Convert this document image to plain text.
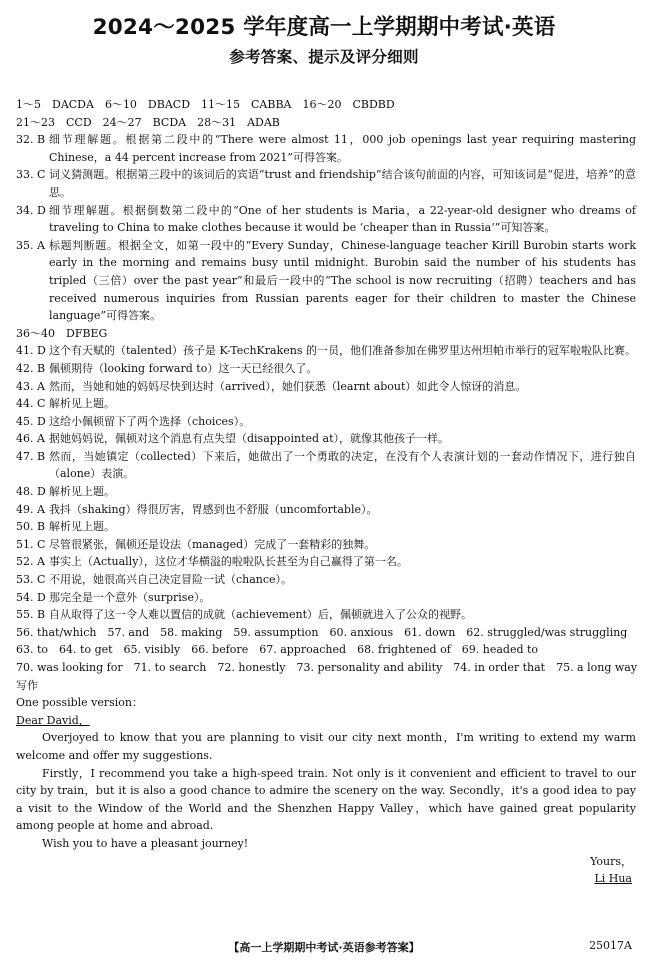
2024～2025 学年度高一上学期期中考试·英语
参考答案、提示及评分细则
1～5　DACDA　6～10　DBACD　11～15　CABBA　16～20　CBDBD
21～23　CCD　24～27　BCDA　28～31　ADAB
32. B 细节理解题。根据第二段中的“There were almost 11，000 job openings last year requiring mastering Chinese，a 44 percent increase from 2021”可得答案。
33. C 词义猜测题。根据第三段中的该词后的宾语“trust and friendship”结合该句前面的内容，可知该词是“促进，培养”的意思。
34. D 细节理解题。根据倒数第二段中的“One of her students is Maria，a 22-year-old designer who dreams of traveling to China to make clothes because it would be ‘cheaper than in Russia’”可知答案。
35. A 标题判断题。根据全文，如第一段中的“Every Sunday，Chinese-language teacher Kirill Burobin starts work early in the morning and remains busy until midnight. Burobin said the number of his students has tripled（三倍）over the past year”和最后一段中的“The school is now recruiting（招聘）teachers and has received numerous inquiries from Russian parents eager for their children to master the Chinese language”可得答案。
36～40　DFBEG
41. D 这个有天赋的（talented）孩子是 K-TechKrakens 的一员，他们准备参加在佛罗里达州坦帕市举行的冠军啦啦队比赛。
42. B 佩顿期待（looking forward to）这一天已经很久了。
43. A 然而，当她和她的妈妈尽快到达时（arrived），她们获悉（learnt about）如此令人惊讶的消息。
44. C 解析见上题。
45. D 这给小佩顿留下了两个选择（choices）。
46. A 据她妈妈说，佩顿对这个消息有点失望（disappointed at），就像其他孩子一样。
47. B 然而，当她镇定（collected）下来后，她做出了一个勇敢的决定，在没有个人表演计划的一套动作情况下，进行独自（alone）表演。
48. D 解析见上题。
49. A 我抖（shaking）得很厉害，胃感到也不舒服（uncomfortable）。
50. B 解析见上题。
51. C 尽管很紧张，佩顿还是设法（managed）完成了一套精彩的独舞。
52. A 事实上（Actually），这位才华横溢的啦啦队长甚至为自己赢得了第一名。
53. C 不用说，她很高兴自己决定冒险一试（chance）。
54. D 那完全是一个意外（surprise）。
55. B 自从取得了这一令人难以置信的成就（achievement）后，佩顿就进入了公众的视野。
56. that/which　57. and　58. making　59. assumption　60. anxious　61. down　62. struggled/was struggling
63. to　64. to get　65. visibly　66. before　67. approached　68. frightened of　69. headed to
70. was looking for　71. to search　72. honestly　73. personality and ability　74. in order that　75. a long way
写作
One possible version：
Dear David，
Overjoyed to know that you are planning to visit our city next month，I'm writing to extend my warm welcome and offer my suggestions.
Firstly，I recommend you take a high-speed train. Not only is it convenient and efficient to travel to our city by train，but it is also a good chance to admire the scenery on the way. Secondly，it's a good idea to pay a visit to the Window of the World and the Shenzhen Happy Valley，which have gained great popularity among people at home and abroad.
Wish you to have a pleasant journey!
Yours，
Li Hua
【高一上学期期中考试·英语参考答案】	25017A
